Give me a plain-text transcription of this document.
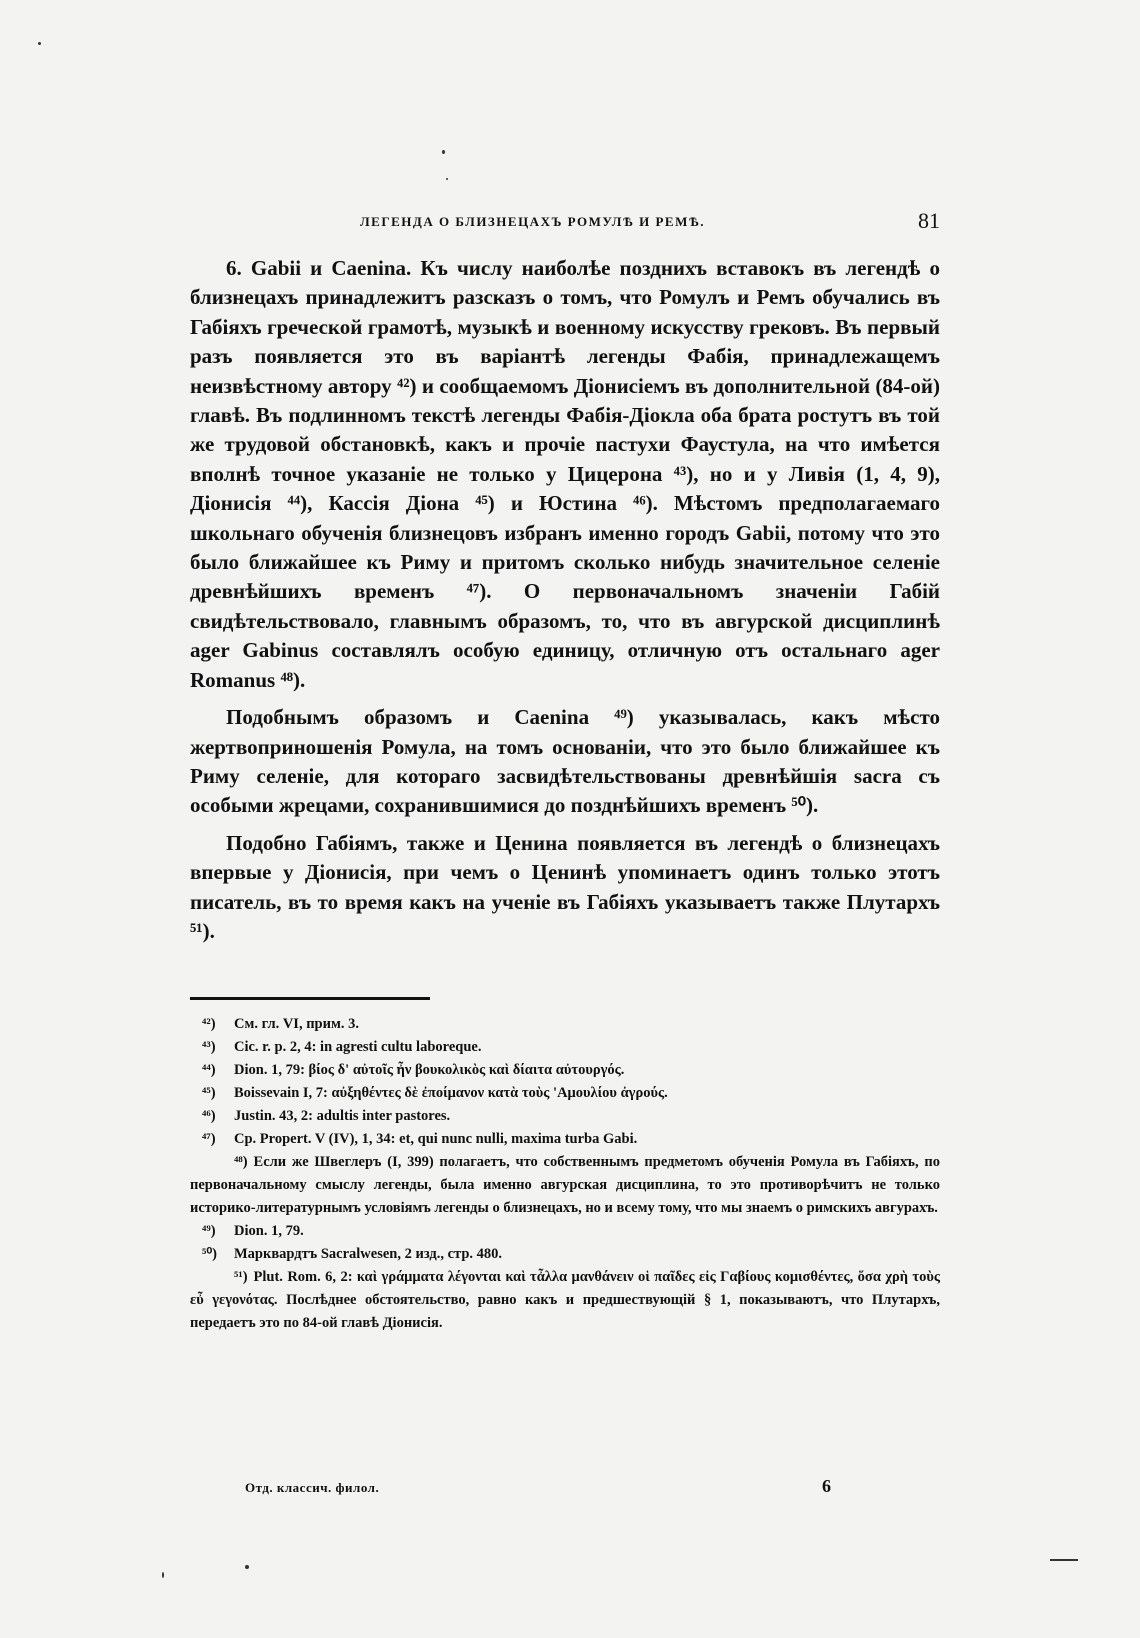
ЛЕГЕНДА О БЛИЗНЕЦАХЪ РОМУЛѢ И РЕМѢ.	81

6. Gabii и Caenina. Къ числу наиболѣе позднихъ вставокъ въ легендѣ о близнецахъ принадлежитъ разсказъ о томъ, что Ромулъ и Ремъ обучались въ Габіяхъ греческой грамотѣ, музыкѣ и военному искусству грековъ. Въ первый разъ появляется это въ варіантѣ легенды Фабія, принадлежащемъ неизвѣстному автору ⁴²) и сообщаемомъ Діонисіемъ въ дополнительной (84-ой) главѣ. Въ подлинномъ текстѣ легенды Фабія-Діокла оба брата ростутъ въ той же трудовой обстановкѣ, какъ и прочіе пастухи Фаустула, на что имѣется вполнѣ точное указаніе не только у Цицерона ⁴³), но и у Ливія (1, 4, 9), Діонисія ⁴⁴), Кассія Діона ⁴⁵) и Юстина ⁴⁶). Мѣстомъ предполагаемаго школьнаго обученія близнецовъ избранъ именно городъ Gabii, потому что это было ближайшее къ Риму и притомъ сколько нибудь значительное селеніе древнѣйшихъ временъ ⁴⁷). О первоначальномъ значеніи Габій свидѣтельствовало, главнымъ образомъ, то, что въ авгурской дисциплинѣ ager Gabinus составлялъ особую единицу, отличную отъ остальнаго ager Romanus ⁴⁸).

Подобнымъ образомъ и Caenina ⁴⁹) указывалась, какъ мѣсто жертвоприношенія Ромула, на томъ основаніи, что это было ближайшее къ Риму селеніе, для котораго засвидѣтельствованы древнѣйшія sacra съ особыми жрецами, сохранившимися до позднѣйшихъ временъ ⁵⁰).

Подобно Габіямъ, также и Ценина появляется въ легендѣ о близнецахъ впервые у Діонисія, при чемъ о Ценинѣ упоминаетъ одинъ только этотъ писатель, въ то время какъ на ученіе въ Габіяхъ указываетъ также Плутархъ ⁵¹).

⁴²) См. гл. VI, прим. 3.

⁴³) Cic. r. p. 2, 4: in agresti cultu laboreque.

⁴⁴) Dion. 1, 79: βίος δ' αὐτοῖς ἦν βουκολικὸς καὶ δίαιτα αὐτουργός.

⁴⁵) Boissevain I, 7: αὐξηθέντες δὲ ἐποίμανον κατὰ τοὺς 'Αμουλίου ἀγρούς.

⁴⁶) Justin. 43, 2: adultis inter pastores.

⁴⁷) Cp. Propert. V (IV), 1, 34: et, qui nunc nulli, maxima turba Gabi.

⁴⁸) Если же Швеглеръ (I, 399) полагаетъ, что собственнымъ предметомъ обученія Ромула въ Габіяхъ, по первоначальному смыслу легенды, была именно авгурская дисциплина, то это противорѣчитъ не только историко-литературнымъ условіямъ легенды о близнецахъ, но и всему тому, что мы знаемъ о римскихъ авгурахъ.

⁴⁹) Dion. 1, 79.

⁵⁰) Марквардтъ Sacralwesen, 2 изд., стр. 480.

⁵¹) Plut. Rom. 6, 2: καὶ γράμματα λέγονται καὶ τἆλλα μανθάνειν οἱ παῖδες εἰς Γαβίους κομισθέντες, ὅσα χρὴ τοὺς εὖ γεγονότας. Послѣднее обстоятельство, равно какъ и предшествующій § 1, показываютъ, что Плутархъ, передаетъ это по 84-ой главѣ Діонисія.

Отд. классич. филол.	6
